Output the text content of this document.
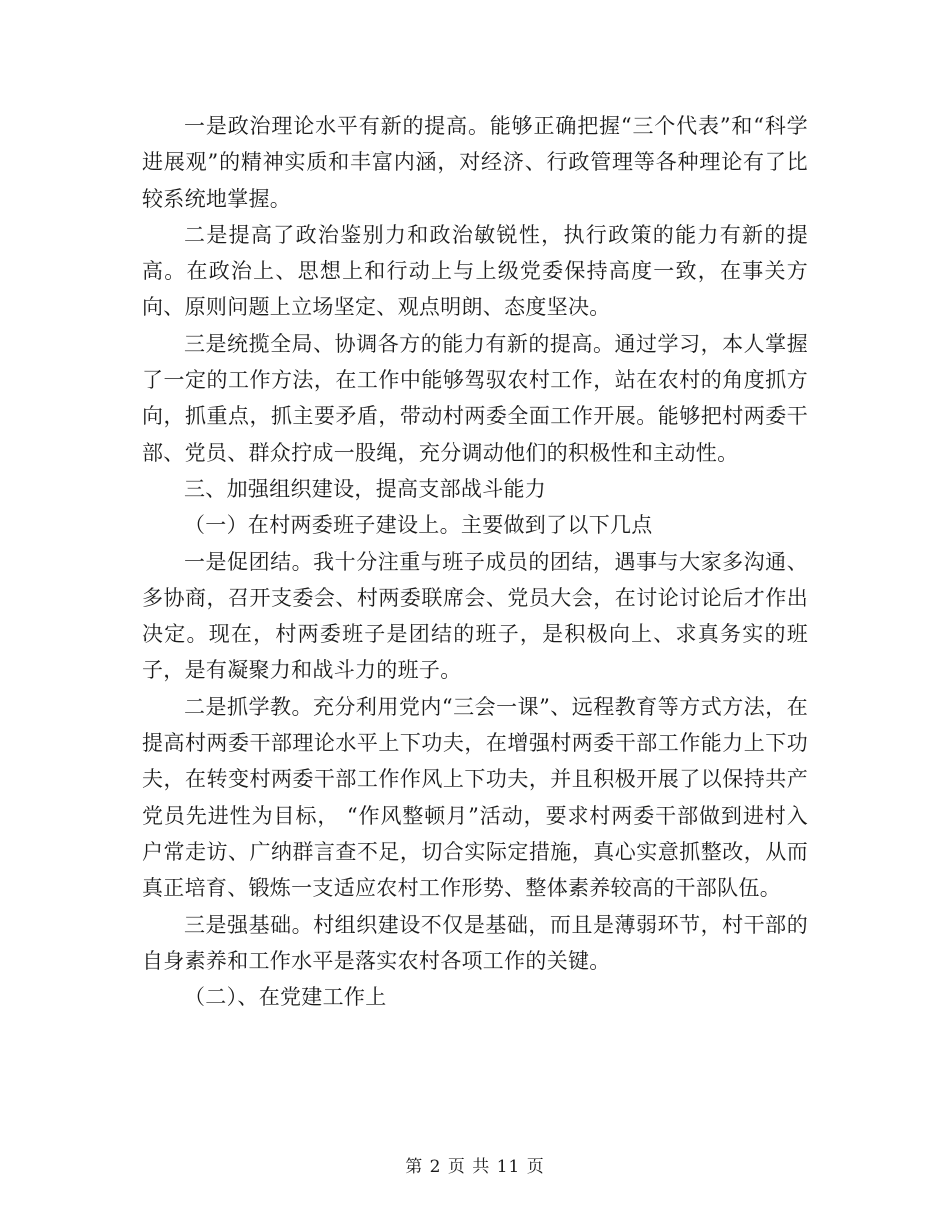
一是政治理论水平有新的提高。能够正确把握“三个代表”和“科学进展观”的精神实质和丰富内涵，对经济、行政管理等各种理论有了比较系统地掌握。

二是提高了政治鉴别力和政治敏锐性，执行政策的能力有新的提高。在政治上、思想上和行动上与上级党委保持高度一致，在事关方向、原则问题上立场坚定、观点明朗、态度坚决。

三是统揽全局、协调各方的能力有新的提高。通过学习，本人掌握了一定的工作方法，在工作中能够驾驭农村工作，站在农村的角度抓方向，抓重点，抓主要矛盾，带动村两委全面工作开展。能够把村两委干部、党员、群众拧成一股绳，充分调动他们的积极性和主动性。

三、加强组织建设，提高支部战斗能力

（一）在村两委班子建设上。主要做到了以下几点

一是促团结。我十分注重与班子成员的团结，遇事与大家多沟通、多协商，召开支委会、村两委联席会、党员大会，在讨论讨论后才作出决定。现在，村两委班子是团结的班子，是积极向上、求真务实的班子，是有凝聚力和战斗力的班子。

二是抓学教。充分利用党内“三会一课”、远程教育等方式方法，在提高村两委干部理论水平上下功夫，在增强村两委干部工作能力上下功夫，在转变村两委干部工作作风上下功夫，并且积极开展了以保持共产党员先进性为目标， “作风整顿月”活动，要求村两委干部做到进村入户常走访、广纳群言查不足，切合实际定措施，真心实意抓整改，从而真正培育、锻炼一支适应农村工作形势、整体素养较高的干部队伍。

三是强基础。村组织建设不仅是基础，而且是薄弱环节，村干部的自身素养和工作水平是落实农村各项工作的关键。

（二）、在党建工作上

第 2 页 共 11 页
